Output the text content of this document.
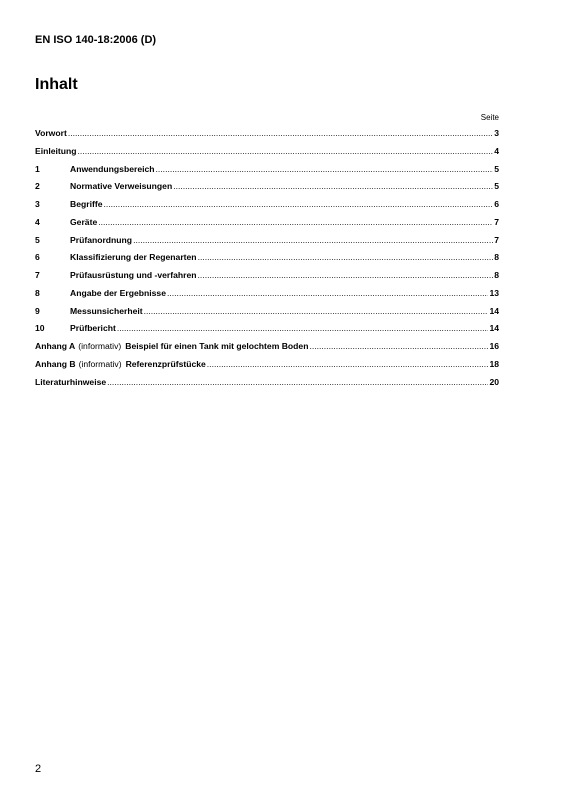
EN ISO 140-18:2006 (D)
Inhalt
Seite
Vorwort .....	3
Einleitung .....	4
1	Anwendungsbereich .....	5
2	Normative Verweisungen .....	5
3	Begriffe .....	6
4	Geräte .....	7
5	Prüfanordnung .....	7
6	Klassifizierung der Regenarten .....	8
7	Prüfausrüstung und -verfahren .....	8
8	Angabe der Ergebnisse .....	13
9	Messunsicherheit .....	14
10	Prüfbericht .....	14
Anhang A (informativ) Beispiel für einen Tank mit gelochtem Boden .....	16
Anhang B (informativ) Referenzprüfstücke .....	18
Literaturhinweise .....	20
2
